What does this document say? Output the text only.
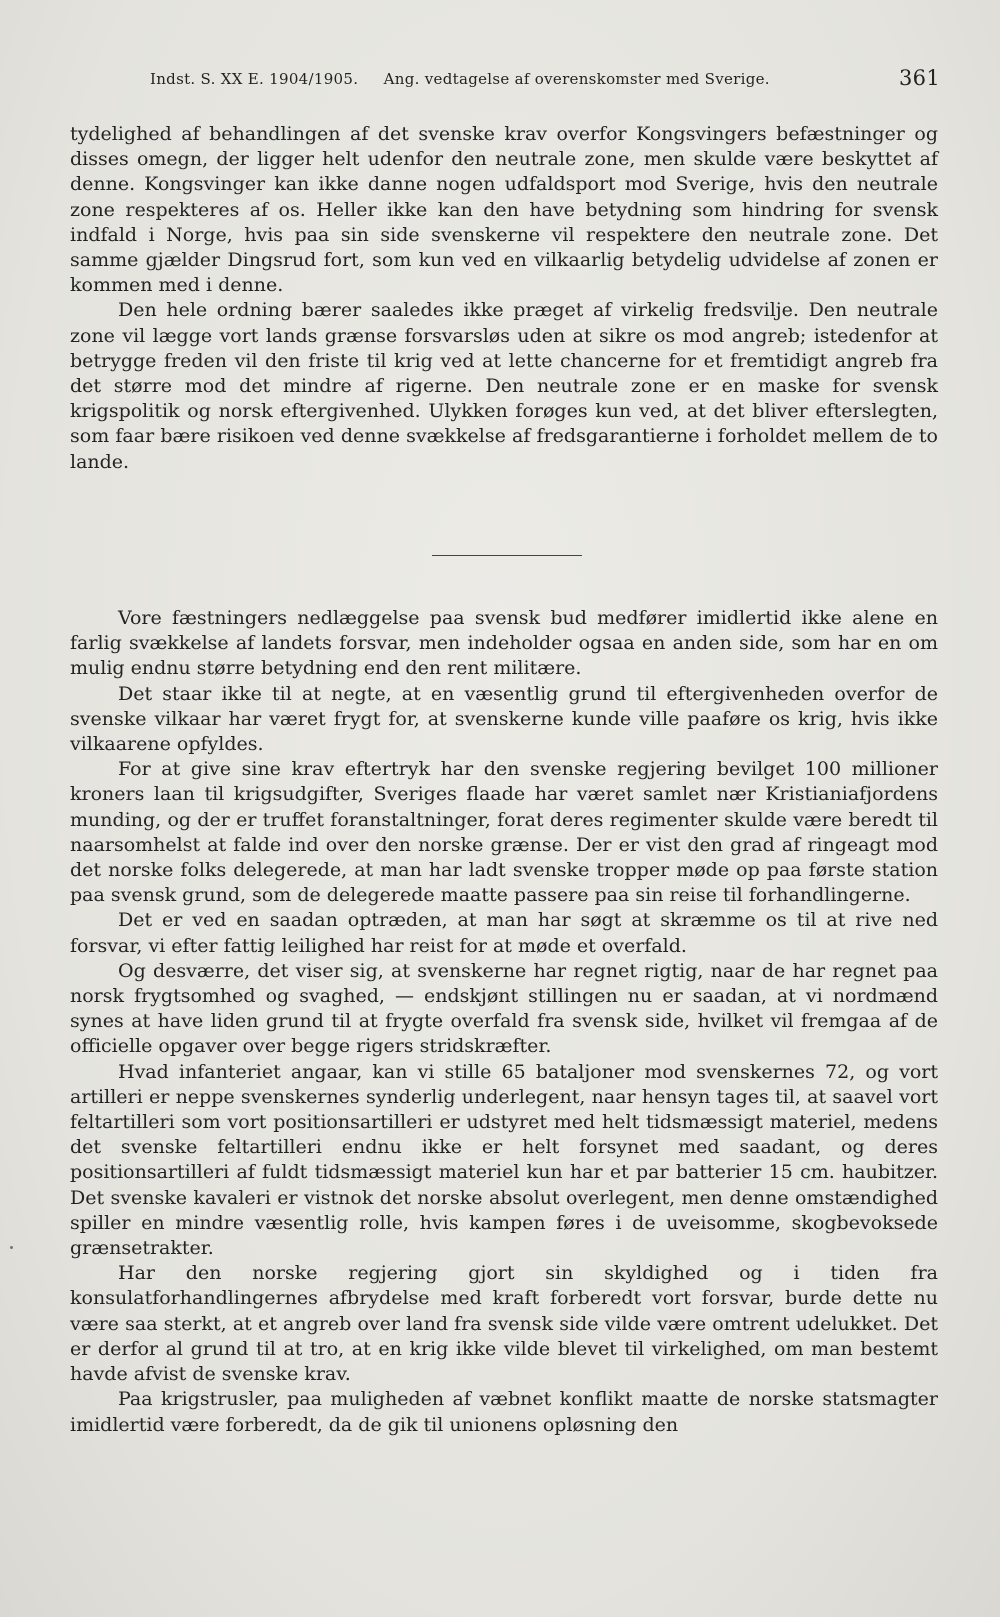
Indst. S. XX E. 1904/1905. Ang. vedtagelse af overenskomster med Sverige.	361

tydelighed af behandlingen af det svenske krav overfor Kongsvingers befæstninger og disses omegn, der ligger helt udenfor den neutrale zone, men skulde være beskyttet af denne. Kongsvinger kan ikke danne nogen udfaldsport mod Sverige, hvis den neutrale zone respekteres af os. Heller ikke kan den have betydning som hindring for svensk indfald i Norge, hvis paa sin side svenskerne vil respektere den neutrale zone. Det samme gjælder Dingsrud fort, som kun ved en vilkaarlig betydelig udvidelse af zonen er kommen med i denne.

Den hele ordning bærer saaledes ikke præget af virkelig fredsvilje. Den neutrale zone vil lægge vort lands grænse forsvarsløs uden at sikre os mod angreb; istedenfor at betrygge freden vil den friste til krig ved at lette chancerne for et fremtidigt angreb fra det større mod det mindre af rigerne. Den neutrale zone er en maske for svensk krigspolitik og norsk eftergivenhed. Ulykken forøges kun ved, at det bliver efterslegten, som faar bære risikoen ved denne svækkelse af fredsgarantierne i forholdet mellem de to lande.

Vore fæstningers nedlæggelse paa svensk bud medfører imidlertid ikke alene en farlig svækkelse af landets forsvar, men indeholder ogsaa en anden side, som har en om mulig endnu større betydning end den rent militære.

Det staar ikke til at negte, at en væsentlig grund til eftergivenheden overfor de svenske vilkaar har været frygt for, at svenskerne kunde ville paaføre os krig, hvis ikke vilkaarene opfyldes.

For at give sine krav eftertryk har den svenske regjering bevilget 100 millioner kroners laan til krigsudgifter, Sveriges flaade har været samlet nær Kristianiafjordens munding, og der er truffet foranstaltninger, forat deres regimenter skulde være beredt til naarsomhelst at falde ind over den norske grænse. Der er vist den grad af ringeagt mod det norske folks delegerede, at man har ladt svenske tropper møde op paa første station paa svensk grund, som de delegerede maatte passere paa sin reise til forhandlingerne.

Det er ved en saadan optræden, at man har søgt at skræmme os til at rive ned forsvar, vi efter fattig leilighed har reist for at møde et overfald.

Og desværre, det viser sig, at svenskerne har regnet rigtig, naar de har regnet paa norsk frygtsomhed og svaghed, — endskjønt stillingen nu er saadan, at vi nordmænd synes at have liden grund til at frygte overfald fra svensk side, hvilket vil fremgaa af de officielle opgaver over begge rigers stridskræfter.

Hvad infanteriet angaar, kan vi stille 65 bataljoner mod svenskernes 72, og vort artilleri er neppe svenskernes synderlig underlegent, naar hensyn tages til, at saavel vort feltartilleri som vort positionsartilleri er udstyret med helt tidsmæssigt materiel, medens det svenske feltartilleri endnu ikke er helt forsynet med saadant, og deres positionsartilleri af fuldt tidsmæssigt materiel kun har et par batterier 15 cm. haubitzer. Det svenske kavaleri er vistnok det norske absolut overlegent, men denne omstændighed spiller en mindre væsentlig rolle, hvis kampen føres i de uveisomme, skogbevoksede grænsetrakter.

Har den norske regjering gjort sin skyldighed og i tiden fra konsulatforhandlingernes afbrydelse med kraft forberedt vort forsvar, burde dette nu være saa sterkt, at et angreb over land fra svensk side vilde være omtrent udelukket. Det er derfor al grund til at tro, at en krig ikke vilde blevet til virkelighed, om man bestemt havde afvist de svenske krav.

Paa krigstrusler, paa muligheden af væbnet konflikt maatte de norske statsmagter imidlertid være forberedt, da de gik til unionens opløsning den
